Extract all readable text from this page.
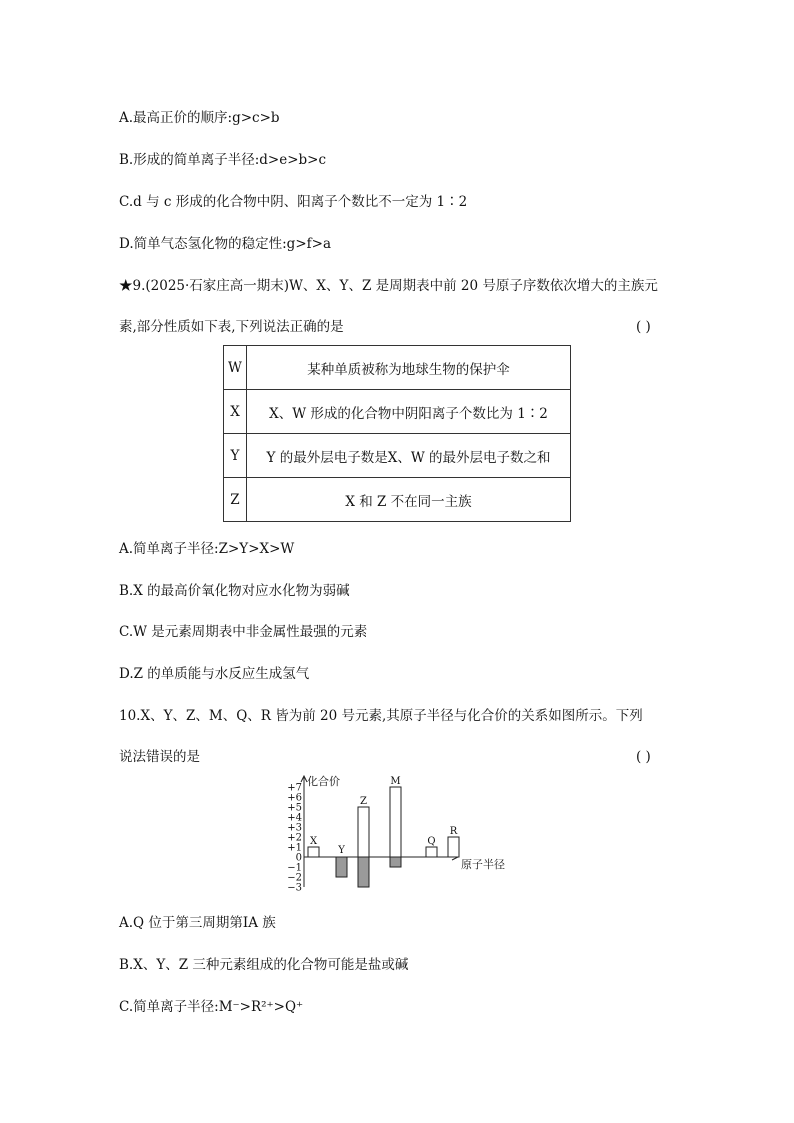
A.最高正价的顺序:g>c>b
B.形成的简单离子半径:d>e>b>c
C.d 与 c 形成的化合物中阴、阳离子个数比不一定为 1∶2
D.简单气态氢化物的稳定性:g>f>a
★9.(2025·石家庄高一期末)W、X、Y、Z 是周期表中前 20 号原子序数依次增大的主族元
素,部分性质如下表,下列说法正确的是	( )
W	某种单质被称为地球生物的保护伞
X	X、W 形成的化合物中阴阳离子个数比为 1∶2
Y	Y 的最外层电子数是X、W 的最外层电子数之和
Z	X 和 Z 不在同一主族
A.简单离子半径:Z>Y>X>W
B.X 的最高价氧化物对应水化物为弱碱
C.W 是元素周期表中非金属性最强的元素
D.Z 的单质能与水反应生成氢气
10.X、Y、Z、M、Q、R 皆为前 20 号元素,其原子半径与化合价的关系如图所示。下列
说法错误的是	( )
化合价
原子半径
+7
+6
+5
+4
+3
+2
+1
0
−1
−2
−3
X
Y
Z
M
Q
R
A.Q 位于第三周期第ⅠA 族
B.X、Y、Z 三种元素组成的化合物可能是盐或碱
C.简单离子半径:M⁻>R²⁺>Q⁺
